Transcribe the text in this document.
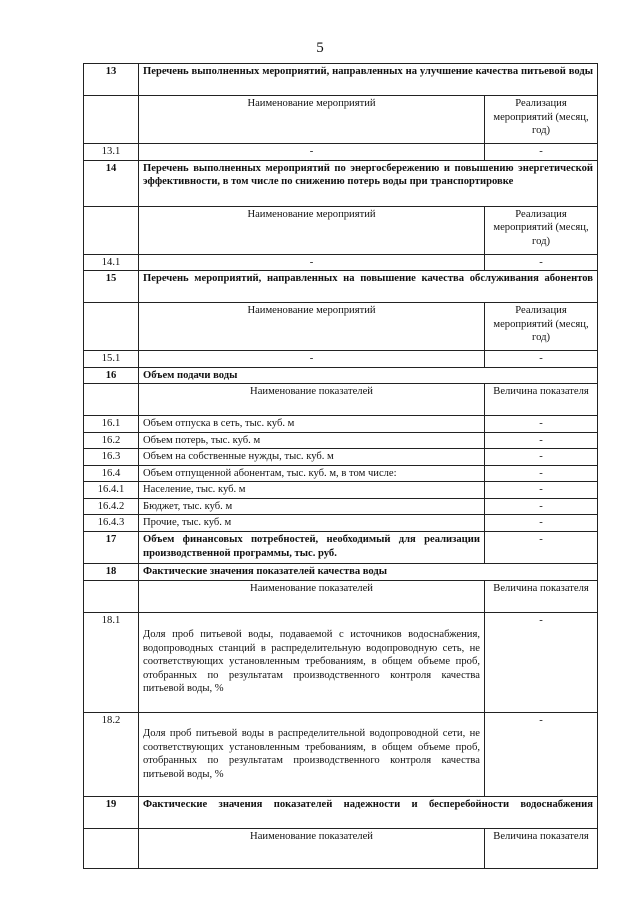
5
13	Перечень выполненных мероприятий, направленных на улучшение качества питьевой воды	
	Наименование мероприятий	Реализация мероприятий (месяц, год)
13.1	-	-
14	Перечень выполненных мероприятий по энергосбережению и повышению энергетической эффективности, в том числе по снижению потерь воды при транспортировке	
	Наименование мероприятий	Реализация мероприятий (месяц, год)
14.1	-	-
15	Перечень мероприятий, направленных на повышение качества обслуживания абонентов	
	Наименование мероприятий	Реализация мероприятий (месяц, год)
15.1	-	-
16	Объем подачи воды	
	Наименование показателей	Величина показателя
16.1	Объем отпуска в сеть, тыс. куб. м	-
16.2	Объем потерь, тыс. куб. м	-
16.3	Объем на собственные нужды, тыс. куб. м	-
16.4	Объем отпущенной абонентам, тыс. куб. м, в том числе:	-
16.4.1	Население, тыс. куб. м	-
16.4.2	Бюджет, тыс. куб. м	-
16.4.3	Прочие, тыс. куб. м	-
17	Объем финансовых потребностей, необходимый для реализации производственной программы, тыс. руб.	-
18	Фактические значения показателей качества воды	
	Наименование показателей	Величина показателя
18.1	Доля проб питьевой воды, подаваемой с источников водоснабжения, водопроводных станций в распределительную водопроводную сеть, не соответствующих установленным требованиям, в общем объеме проб, отобранных по результатам производственного контроля качества питьевой воды, %	-
18.2	Доля проб питьевой воды в распределительной водопроводной сети, не соответствующих установленным требованиям, в общем объеме проб, отобранных по результатам производственного контроля качества питьевой воды, %	-
19	Фактические значения показателей надежности и бесперебойности водоснабжения	
	Наименование показателей	Величина показателя
